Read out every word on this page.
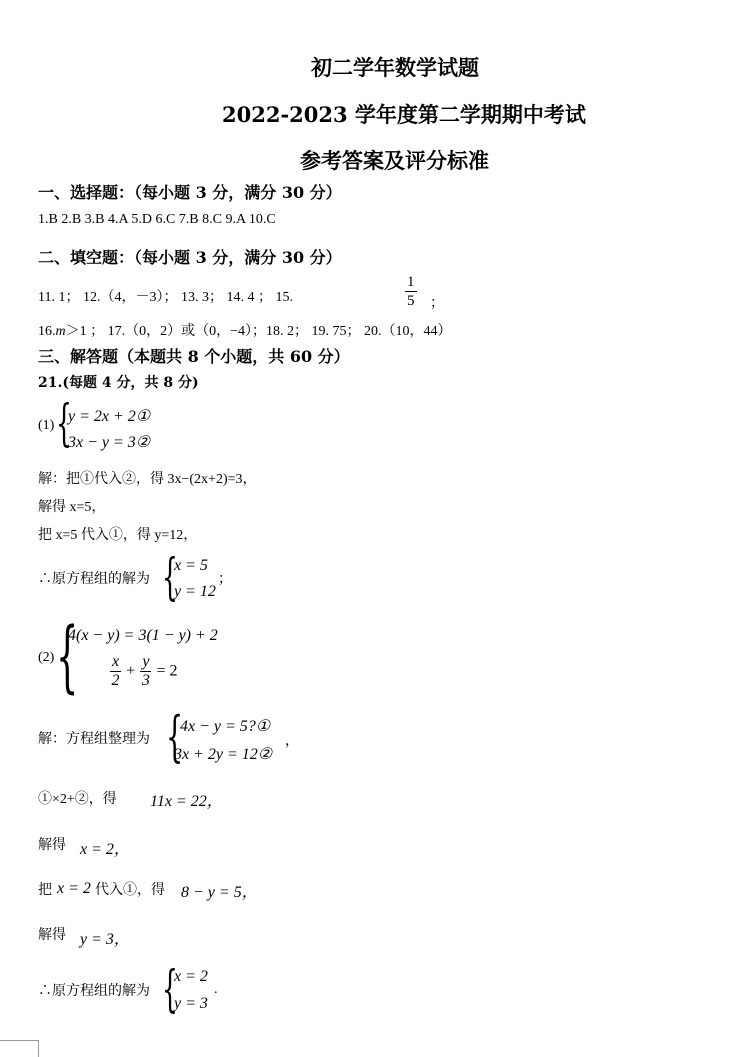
初二学年数学试题
2022-2023 学年度第二学期期中考试
参考答案及评分标准
一、选择题：（每小题 3 分，满分 30 分）
1.B 2.B 3.B 4.A 5.D 6.C 7.B 8.C 9.A 10.C
二、填空题：（每小题 3 分，满分 30 分）
11. 1； 12.（4，－3）； 13. 3； 14. 4 ； 15.	$\frac{1}{5}$ ；
16.m＞1 ； 17.（0，2）或（0，−4）；18. 2； 19. 75； 20.（10，44）
三、解答题（本题共 8 个小题，共 60 分）
21.(每题 4 分，共 8 分)
(1) {
y = 2x + 2①
3x − y = 3②
解：把①代入②，得 3x−(2x+2)=3，
解得 x=5，
把 x=5 代入①，得 y=12，
∴原方程组的解为 {
x = 5
y = 12
；
(2) {
4(x − y) = 3(1 − y) + 2
$\frac{x}{2} + \frac{y}{3} = 2$
解：方程组整理为 {
4x − y = 5?①
3x + 2y = 12②
，
①×2+②，得 11x = 22，
解得 x = 2，
把 x = 2 代入①，得 8 − y = 5，
解得 y = 3，
∴原方程组的解为 {
x = 2
y = 3
.
